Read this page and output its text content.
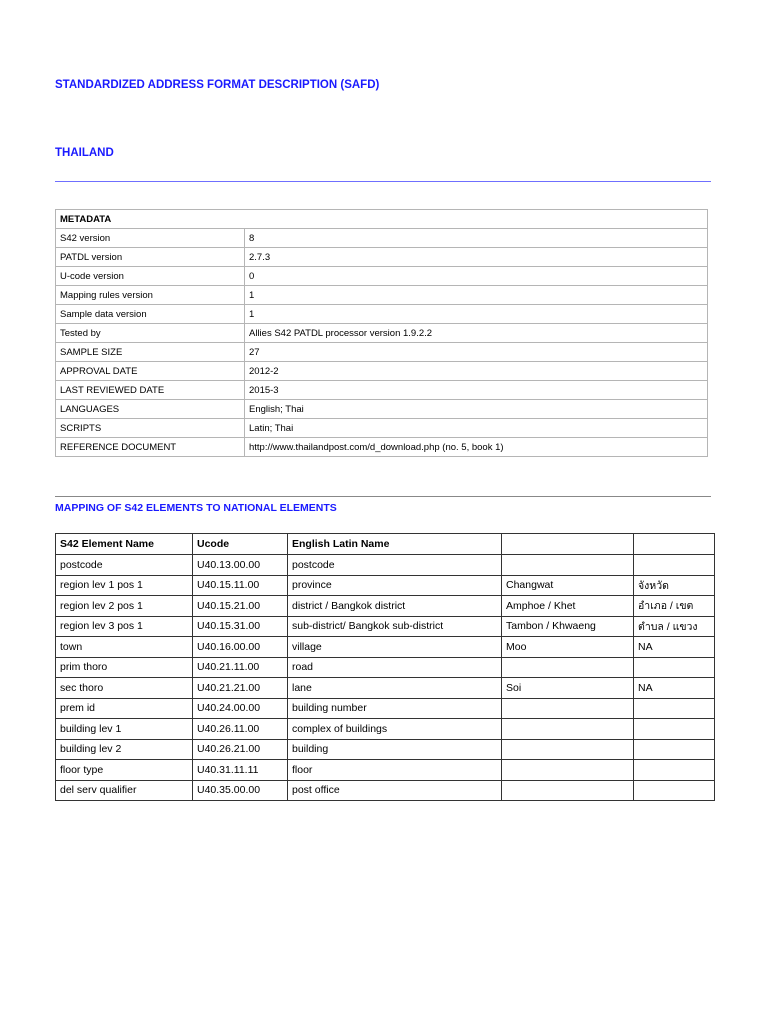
STANDARDIZED ADDRESS FORMAT DESCRIPTION (SAFD)
THAILAND
METADATA	
S42 version	8
PATDL version	2.7.3
U-code version	0
Mapping rules version	1
Sample data version	1
Tested by	Allies S42 PATDL processor version 1.9.2.2
SAMPLE SIZE	27
APPROVAL DATE	2012-2
LAST REVIEWED DATE	2015-3
LANGUAGES	English; Thai
SCRIPTS	Latin; Thai
REFERENCE DOCUMENT	http://www.thailandpost.com/d_download.php (no. 5, book 1)
MAPPING OF S42 ELEMENTS TO NATIONAL ELEMENTS
S42 Element Name	Ucode	English Latin Name		
postcode	U40.13.00.00	postcode		
region lev 1 pos 1	U40.15.11.00	province	Changwat	จังหวัด
region lev 2 pos 1	U40.15.21.00	district / Bangkok district	Amphoe / Khet	อำเภอ / เขต
region lev 3 pos 1	U40.15.31.00	sub-district/ Bangkok sub-district	Tambon / Khwaeng	ตำบล / แขวง
town	U40.16.00.00	village	Moo	NA
prim thoro	U40.21.11.00	road		
sec thoro	U40.21.21.00	lane	Soi	NA
prem id	U40.24.00.00	building number		
building lev 1	U40.26.11.00	complex of buildings		
building lev 2	U40.26.21.00	building		
floor type	U40.31.11.11	floor		
del serv qualifier	U40.35.00.00	post office		
